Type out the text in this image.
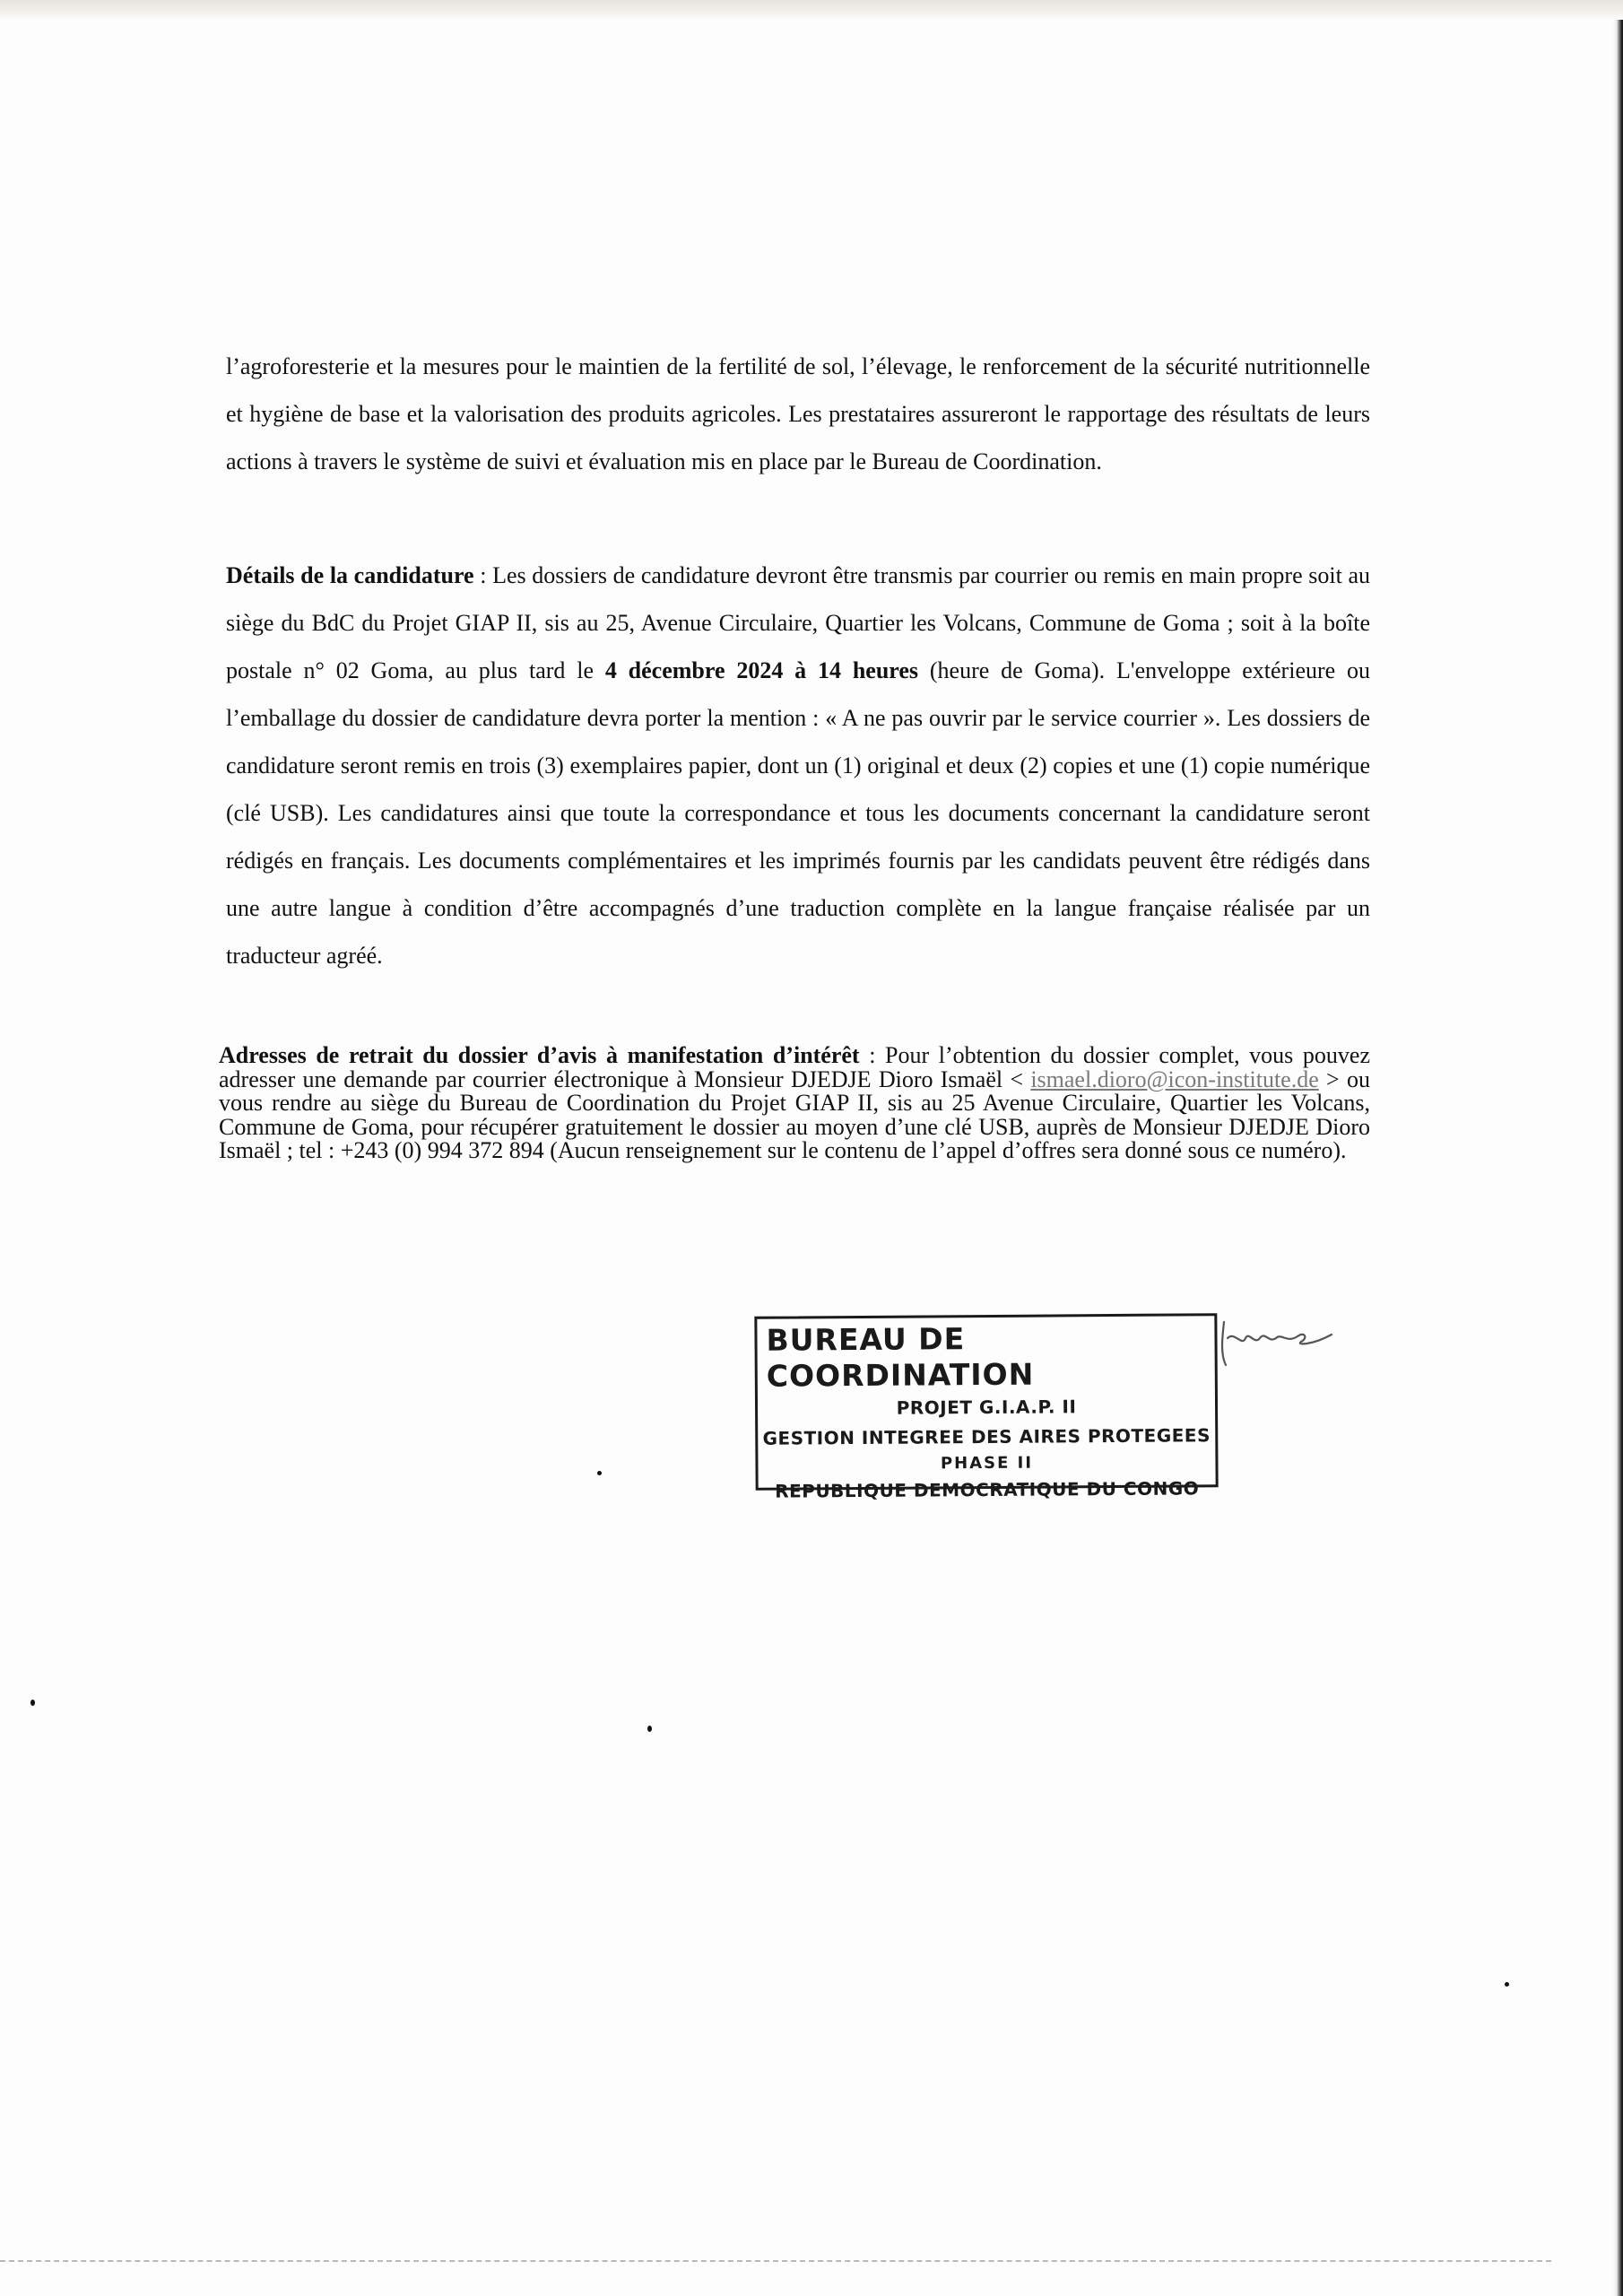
l’agroforesterie et la mesures pour le maintien de la fertilité de sol, l’élevage, le renforcement de la sécurité nutritionnelle et hygiène de base et la valorisation des produits agricoles. Les prestataires assureront le rapportage des résultats de leurs actions à travers le système de suivi et évaluation mis en place par le Bureau de Coordination.

Détails de la candidature : Les dossiers de candidature devront être transmis par courrier ou remis en main propre soit au siège du BdC du Projet GIAP II, sis au 25, Avenue Circulaire, Quartier les Volcans, Commune de Goma ; soit à la boîte postale n° 02 Goma, au plus tard le 4 décembre 2024 à 14 heures (heure de Goma). L'enveloppe extérieure ou l’emballage du dossier de candidature devra porter la mention : « A ne pas ouvrir par le service courrier ». Les dossiers de candidature seront remis en trois (3) exemplaires papier, dont un (1) original et deux (2) copies et une (1) copie numérique (clé USB). Les candidatures ainsi que toute la correspondance et tous les documents concernant la candidature seront rédigés en français. Les documents complémentaires et les imprimés fournis par les candidats peuvent être rédigés dans une autre langue à condition d’être accompagnés d’une traduction complète en la langue française réalisée par un traducteur agréé.

Adresses de retrait du dossier d’avis à manifestation d’intérêt : Pour l’obtention du dossier complet, vous pouvez adresser une demande par courrier électronique à Monsieur DJEDJE Dioro Ismaël < ismael.dioro@icon-institute.de > ou vous rendre au siège du Bureau de Coordination du Projet GIAP II, sis au 25 Avenue Circulaire, Quartier les Volcans, Commune de Goma, pour récupérer gratuitement le dossier au moyen d’une clé USB, auprès de Monsieur DJEDJE Dioro Ismaël ; tel : +243 (0) 994 372 894 (Aucun renseignement sur le contenu de l’appel d’offres sera donné sous ce numéro).

BUREAU DE COORDINATION
PROJET G.I.A.P. II
GESTION INTEGREE DES AIRES PROTEGEES
PHASE II
REPUBLIQUE DEMOCRATIQUE DU CONGO
